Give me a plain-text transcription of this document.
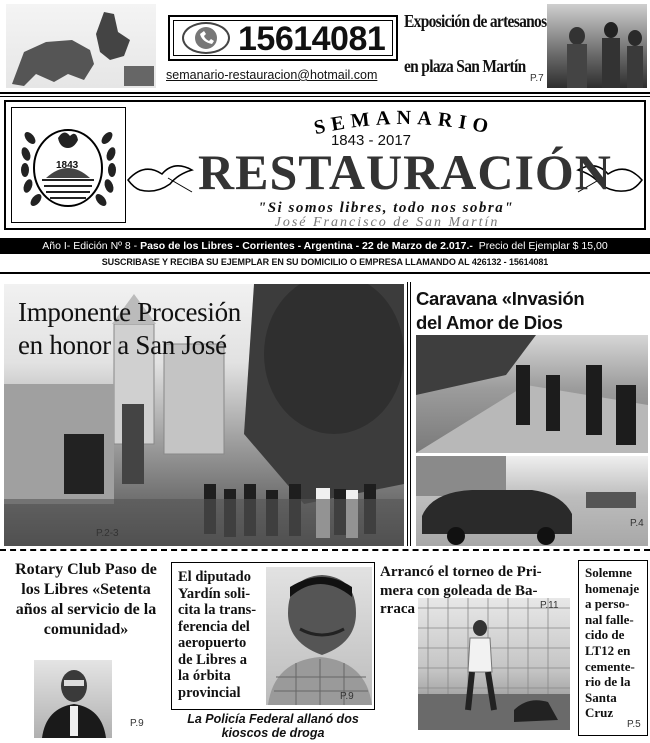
15614081
semanario-restauracion@hotmail.com
Exposición de artesanos
en plaza San Martín
P.7
1843
SEMANARIO
1843 - 2017
RESTAURACIÓN
"Si somos libres, todo nos sobra"
José Francisco de San Martín
Año I- Edición Nº 8 - Paso de los Libres - Corrientes - Argentina - 22 de Marzo de 2.017.-  Precio del Ejemplar $ 15,00
SUSCRIBASE Y RECIBA SU EJEMPLAR EN SU DOMICILIO O EMPRESA LLAMANDO AL 426132 - 15614081
Imponente Procesión
en honor a San José
P.2-3
Caravana «Invasión
del Amor de Dios
P.4
Rotary Club Paso de los Libres «Setenta años al servicio de la comunidad»
P.9
El diputado
Yardín soli-
cita la trans-
ferencia del
aeropuerto
de Libres a
la órbita
provincial	P.9
La Policía Federal allanó dos
kioscos de droga
Arrancó el torneo de Pri-
mera con goleada de Ba-
rraca	P.11
Solemne
homenaje
a perso-
nal falle-
cido de
LT12 en
cemente-
rio de la
Santa
Cruz
P.5
